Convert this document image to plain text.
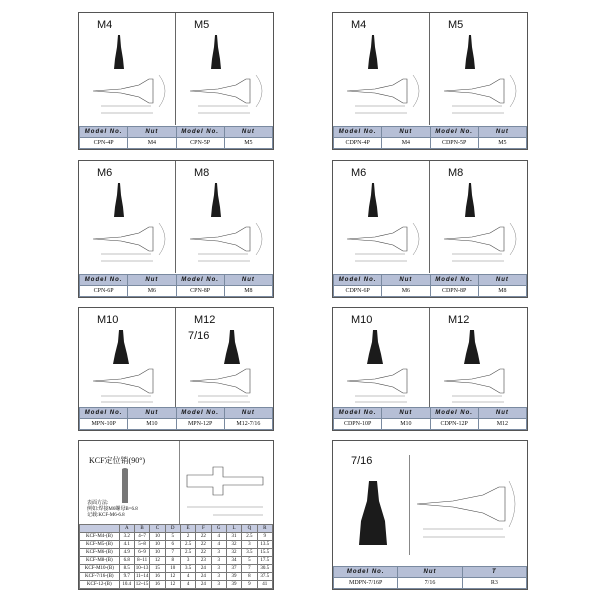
M4	M5
Model No.	Nut	Model No.	Nut
CPN-4P	M4	CPN-5P	M5
M4	M5
Model No.	Nut	Model No.	Nut
CDPN-4P	M4	CDPN-5P	M5
M6	M8
Model No.	Nut	Model No.	Nut
CPN-6P	M6	CPN-8P	M8
M6	M8
Model No.	Nut	Model No.	Nut
CDPN-6P	M6	CDPN-8P	M8
M10	M12
7/16
Model No.	Nut	Model No.	Nut
MPN-10P	M10	MPN-12P	M12-7/16
M10	M12
Model No.	Nut	Model No.	Nut
CDPN-10P	M10	CDPN-12P	M12
KCF定位销(90°)
表面方法:
例如:焊接M6螺母B=6.8
记载:KCF-M6-6.8
	A	B	C	D	E	F	G	L	Q	R
KCF-M4-(B)	3.2	4~7	10	5	2	22	4	31	2.5	9
KCF-M5-(B)	4.1	5~8	10	6	2.5	22	4	32	3	13.5
KCF-M6-(B)	4.9	6~9	10	7	2.5	22	3	32	3.5	15.5
KCF-M8-(B)	6.8	8~11	12	8	3	23	3	34	5	17.5
KCF-M10-(B)	8.5	10~13	15	10	3.5	24	3	37	7	30.5
KCF-7/16-(B)	9.7	11~14	16	12	4	24	3	39	8	37.5
KCF-12-(B)	10.4	12~15	16	12	4	24	3	39	9	41
7/16
Model No.	Nut	T
MDPN-7/16P	7/16	R3
